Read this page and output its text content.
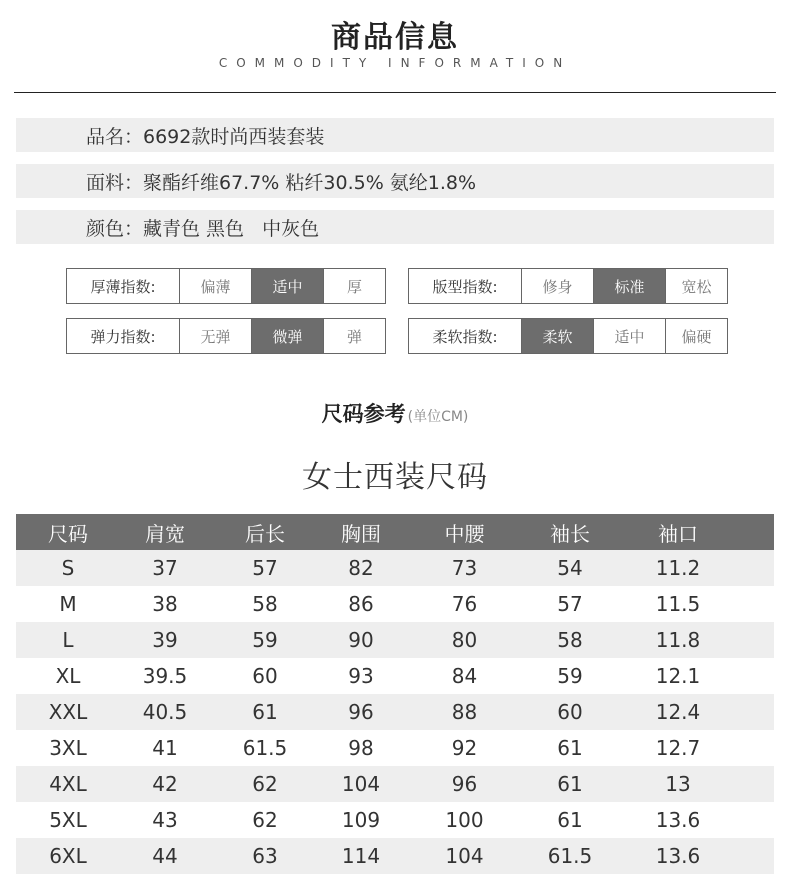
商品信息
COMMODITY INFORMATION
品名：6692款时尚西装套装
面料：聚酯纤维67.7% 粘纤30.5% 氨纶1.8%
颜色：藏青色 黑色   中灰色
厚薄指数:	偏薄	适中	厚	版型指数:	修身	标准	宽松
弹力指数:	无弹	微弹	弹	柔软指数:	柔软	适中	偏硬
尺码参考 (单位CM)
女士西装尺码
尺码	肩宽	后长	胸围	中腰	袖长	袖口
S	37	57	82	73	54	11.2
M	38	58	86	76	57	11.5
L	39	59	90	80	58	11.8
XL	39.5	60	93	84	59	12.1
XXL	40.5	61	96	88	60	12.4
3XL	41	61.5	98	92	61	12.7
4XL	42	62	104	96	61	13
5XL	43	62	109	100	61	13.6
6XL	44	63	114	104	61.5	13.6
